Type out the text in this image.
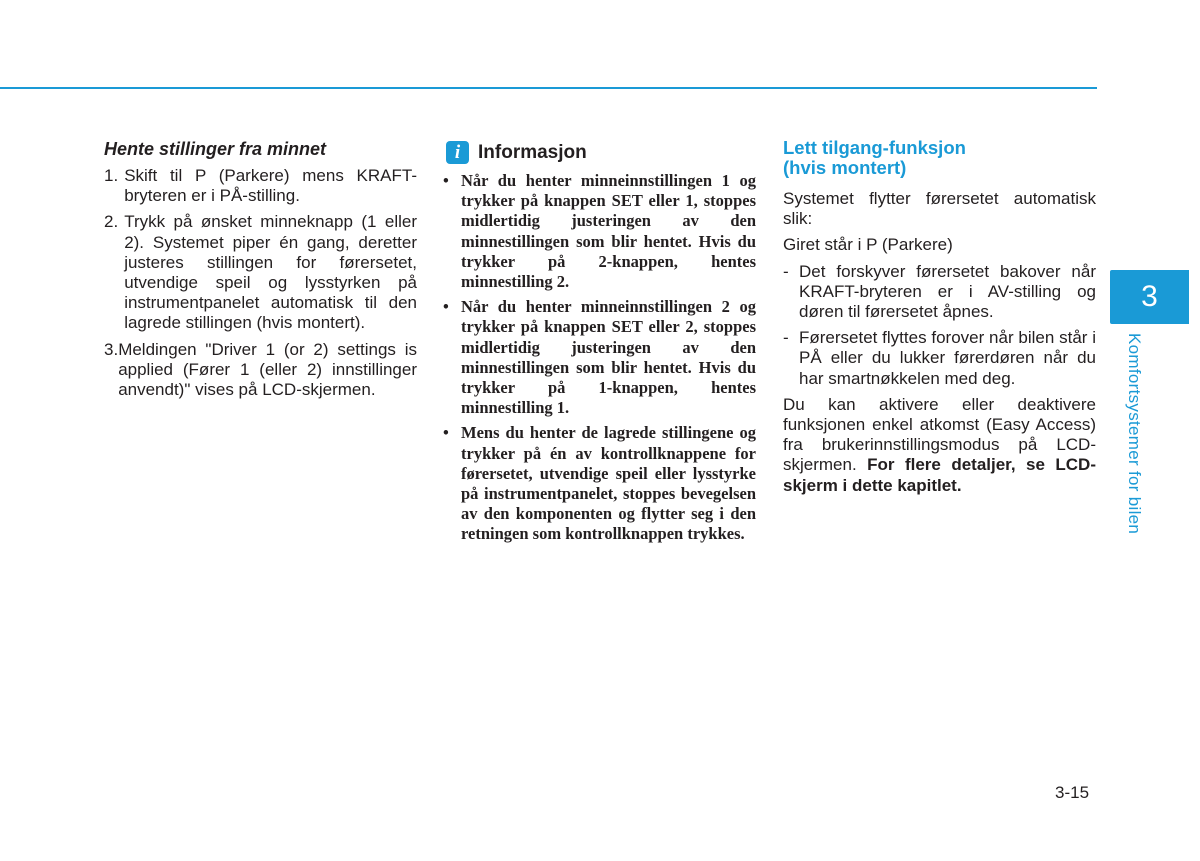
Hente stillinger fra minnet
1. Skift til P (Parkere) mens KRAFT-bryteren er i PÅ-stilling.
2. Trykk på ønsket minneknapp (1 eller 2). Systemet piper én gang, deretter justeres stillingen for førersetet, utvendige speil og lysstyrken på instrumentpanelet automatisk til den lagrede stillingen (hvis montert).
3. Meldingen "Driver 1 (or 2) settings is applied (Fører 1 (eller 2) innstillinger anvendt)" vises på LCD-skjermen.
i Informasjon
• Når du henter minneinnstillingen 1 og trykker på knappen SET eller 1, stoppes midlertidig justeringen av den minnestillingen som blir hentet. Hvis du trykker på 2-knappen, hentes minnestilling 2.
• Når du henter minneinnstillingen 2 og trykker på knappen SET eller 2, stoppes midlertidig justeringen av den minnestillingen som blir hentet. Hvis du trykker på 1-knappen, hentes minnestilling 1.
• Mens du henter de lagrede stillingene og trykker på én av kontrollknappene for førersetet, utvendige speil eller lysstyrke på instrumentpanelet, stoppes bevegelsen av den komponenten og flytter seg i den retningen som kontrollknappen trykkes.
Lett tilgang-funksjon
(hvis montert)

Systemet flytter førersetet automatisk slik:

Giret står i P (Parkere)

- Det forskyver førersetet bakover når KRAFT-bryteren er i AV-stilling og døren til førersetet åpnes.
- Førersetet flyttes forover når bilen står i PÅ eller du lukker førerdøren når du har smartnøkkelen med deg.

Du kan aktivere eller deaktivere funksjonen enkel atkomst (Easy Access) fra brukerinnstillingsmodus på LCD-skjermen. For flere detaljer, se LCD-skjerm i dette kapitlet.

3
Komfortsystemer for bilen
3-15
